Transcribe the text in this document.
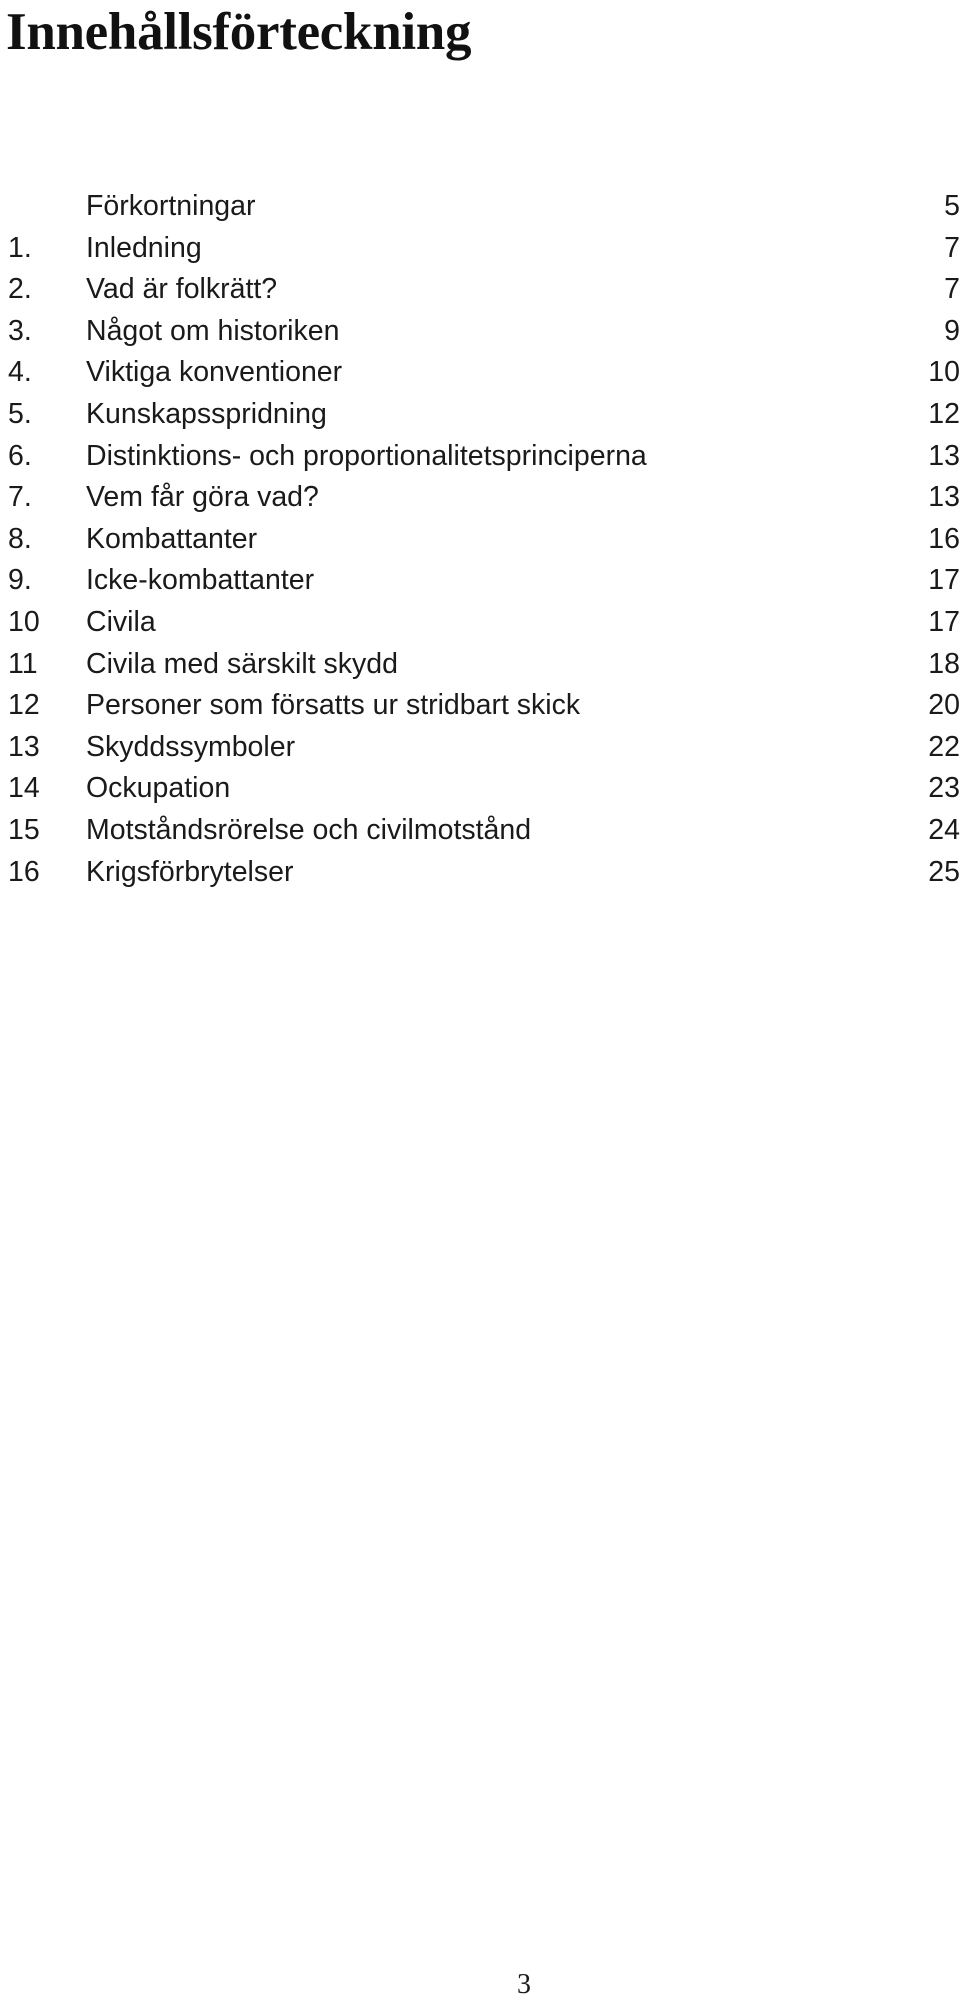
Innehållsförteckning
Förkortningar	5
1. Inledning	7
2. Vad är folkrätt?	7
3. Något om historiken	9
4. Viktiga konventioner	10
5. Kunskapsspridning	12
6. Distinktions- och proportionalitetsprinciperna	13
7. Vem får göra vad?	13
8. Kombattanter	16
9. Icke-kombattanter	17
10 Civila	17
11 Civila med särskilt skydd	18
12 Personer som försatts ur stridbart skick	20
13 Skyddssymboler	22
14 Ockupation	23
15 Motståndsrörelse och civilmotstånd	24
16 Krigsförbrytelser	25
3
